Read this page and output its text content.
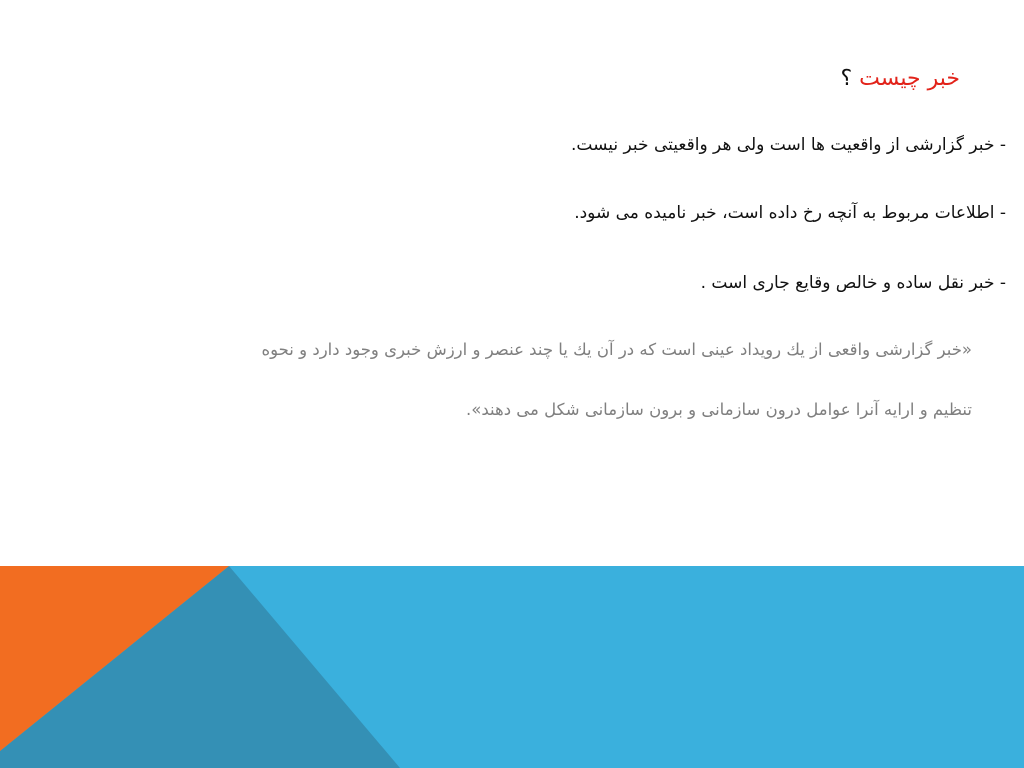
خبر چیست ؟
- خبر گزارشی از واقعیت ها است ولی هر واقعیتی خبر نیست.
- اطلاعات مربوط به آنچه رخ داده است، خبر نامیده می شود.
- خبر نقل ساده و خالص وقایع جاری است .

«خبر گزارشی واقعی از یك رویداد عینی است كه در آن یك یا چند عنصر و ارزش خبری وجود دارد و نحوه

تنظیم و ارایه آنرا عوامل درون سازمانی و برون سازمانی شكل می دهند».
